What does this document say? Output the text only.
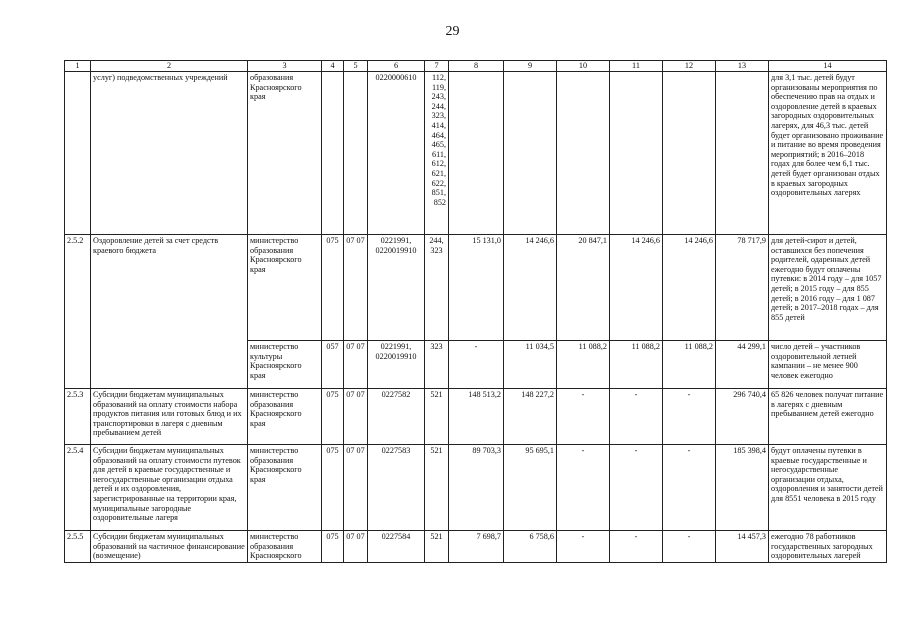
29
1	2	3	4	5	6	7	8	9	10	11	12	13	14
	услуг) подведомственных учреждений	образования Красноярского края			0220000610	112, 119, 243, 244, 323, 414, 464, 465, 611, 612, 621, 622, 851, 852							для 3,1 тыс. детей будут организованы мероприятия по обеспечению прав на отдых и оздоровление детей в краевых загородных оздоровительных лагерях, для 46,3 тыс. детей будет организовано проживание и питание во время проведения мероприятий; в 2016–2018 годах для более чем 6,1 тыс. детей будет организован отдых в краевых загородных оздоровительных лагерях
2.5.2	Оздоровление детей за счет средств краевого бюджета	министерство образования Красноярского края	075	07 07	0221991, 0220019910	244, 323	15 131,0	14 246,6	20 847,1	14 246,6	14 246,6	78 717,9	для детей-сирот и детей, оставшихся без попечения родителей, одаренных детей ежегодно будут оплачены путевки: в 2014 году – для 1057 детей; в 2015 году – для 855 детей; в 2016 году – для 1 087 детей; в 2017–2018 годах – для 855 детей
		министерство культуры Красноярского края	057	07 07	0221991, 0220019910	323	-	11 034,5	11 088,2	11 088,2	11 088,2	44 299,1	число детей – участников оздоровительной летней кампании – не менее 900 человек ежегодно
2.5.3	Субсидии бюджетам муниципальных образований на оплату стоимости набора продуктов питания или готовых блюд и их транспортировки в лагеря с дневным пребыванием детей	министерство образования Красноярского края	075	07 07	0227582	521	148 513,2	148 227,2	-	-	-	296 740,4	65 826 человек получат питание в лагерях с дневным пребыванием детей ежегодно
2.5.4	Субсидии бюджетам муниципальных образований на оплату стоимости путевок для детей в краевые государственные и негосударственные организации отдыха детей и их оздоровления, зарегистрированные на территории края, муниципальные загородные оздоровительные лагеря	министерство образования Красноярского края	075	07 07	0227583	521	89 703,3	95 695,1	-	-	-	185 398,4	будут оплачены путевки в краевые государственные и негосударственные организации отдыха, оздоровления и занятости детей для 8551 человека в 2015 году
2.5.5	Субсидии бюджетам муниципальных образований на частичное финансирование (возмещение)	министерство образования Красноярского	075	07 07	0227584	521	7 698,7	6 758,6	-	-	-	14 457,3	ежегодно 78 работников государственных загородных оздоровительных лагерей
